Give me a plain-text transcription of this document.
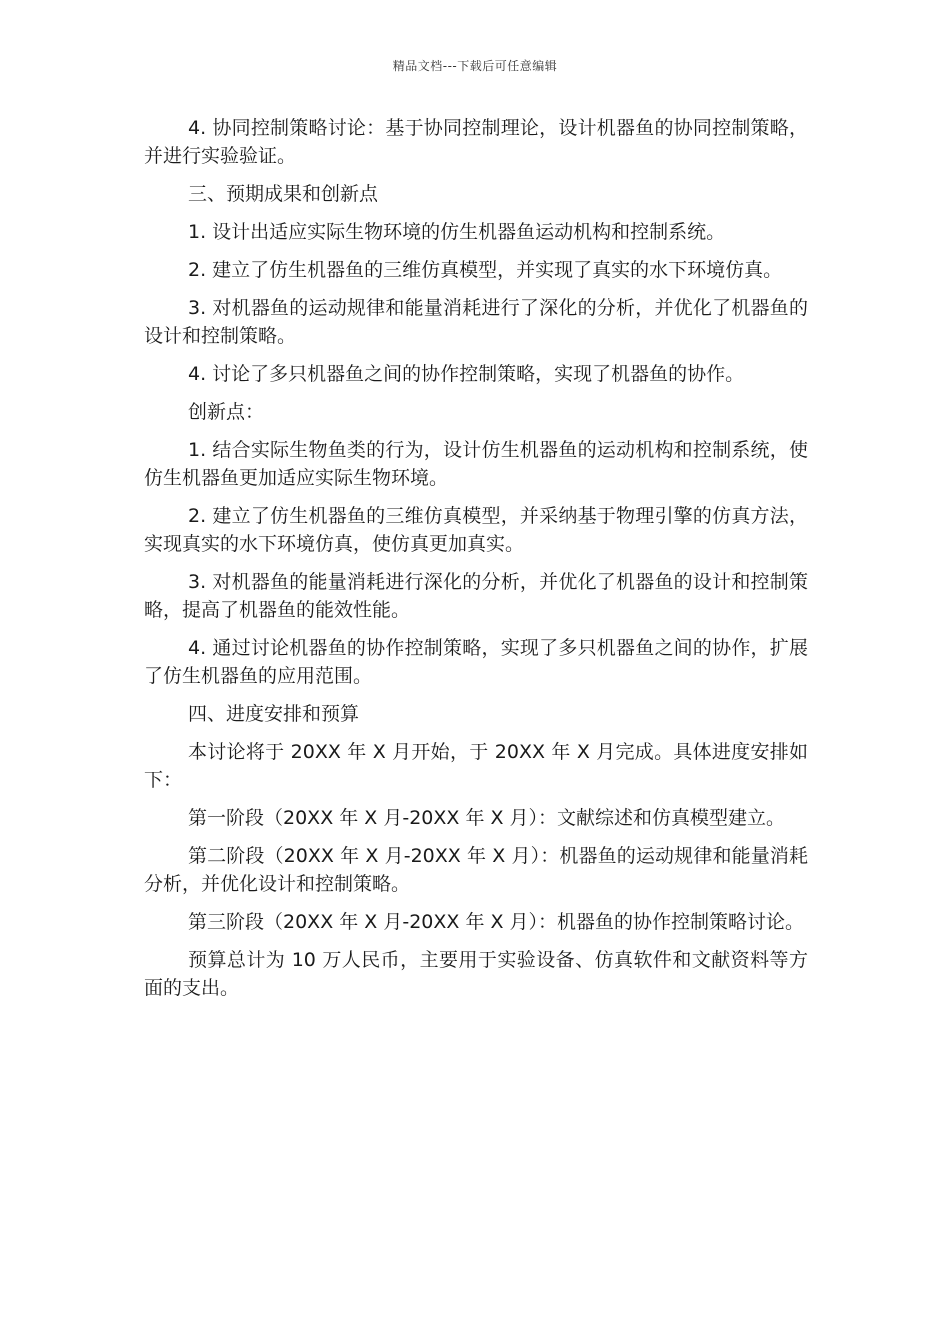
精品文档---下载后可任意编辑

4. 协同控制策略讨论：基于协同控制理论，设计机器鱼的协同控制策略，并进行实验验证。

三、预期成果和创新点

1. 设计出适应实际生物环境的仿生机器鱼运动机构和控制系统。

2. 建立了仿生机器鱼的三维仿真模型，并实现了真实的水下环境仿真。

3. 对机器鱼的运动规律和能量消耗进行了深化的分析，并优化了机器鱼的设计和控制策略。

4. 讨论了多只机器鱼之间的协作控制策略，实现了机器鱼的协作。

创新点：

1. 结合实际生物鱼类的行为，设计仿生机器鱼的运动机构和控制系统，使仿生机器鱼更加适应实际生物环境。

2. 建立了仿生机器鱼的三维仿真模型，并采纳基于物理引擎的仿真方法，实现真实的水下环境仿真，使仿真更加真实。

3. 对机器鱼的能量消耗进行深化的分析，并优化了机器鱼的设计和控制策略，提高了机器鱼的能效性能。

4. 通过讨论机器鱼的协作控制策略，实现了多只机器鱼之间的协作，扩展了仿生机器鱼的应用范围。

四、进度安排和预算

本讨论将于 20XX 年 X 月开始，于 20XX 年 X 月完成。具体进度安排如下：

第一阶段（20XX 年 X 月-20XX 年 X 月）：文献综述和仿真模型建立。

第二阶段（20XX 年 X 月-20XX 年 X 月）：机器鱼的运动规律和能量消耗分析，并优化设计和控制策略。

第三阶段（20XX 年 X 月-20XX 年 X 月）：机器鱼的协作控制策略讨论。

预算总计为 10 万人民币，主要用于实验设备、仿真软件和文献资料等方面的支出。
